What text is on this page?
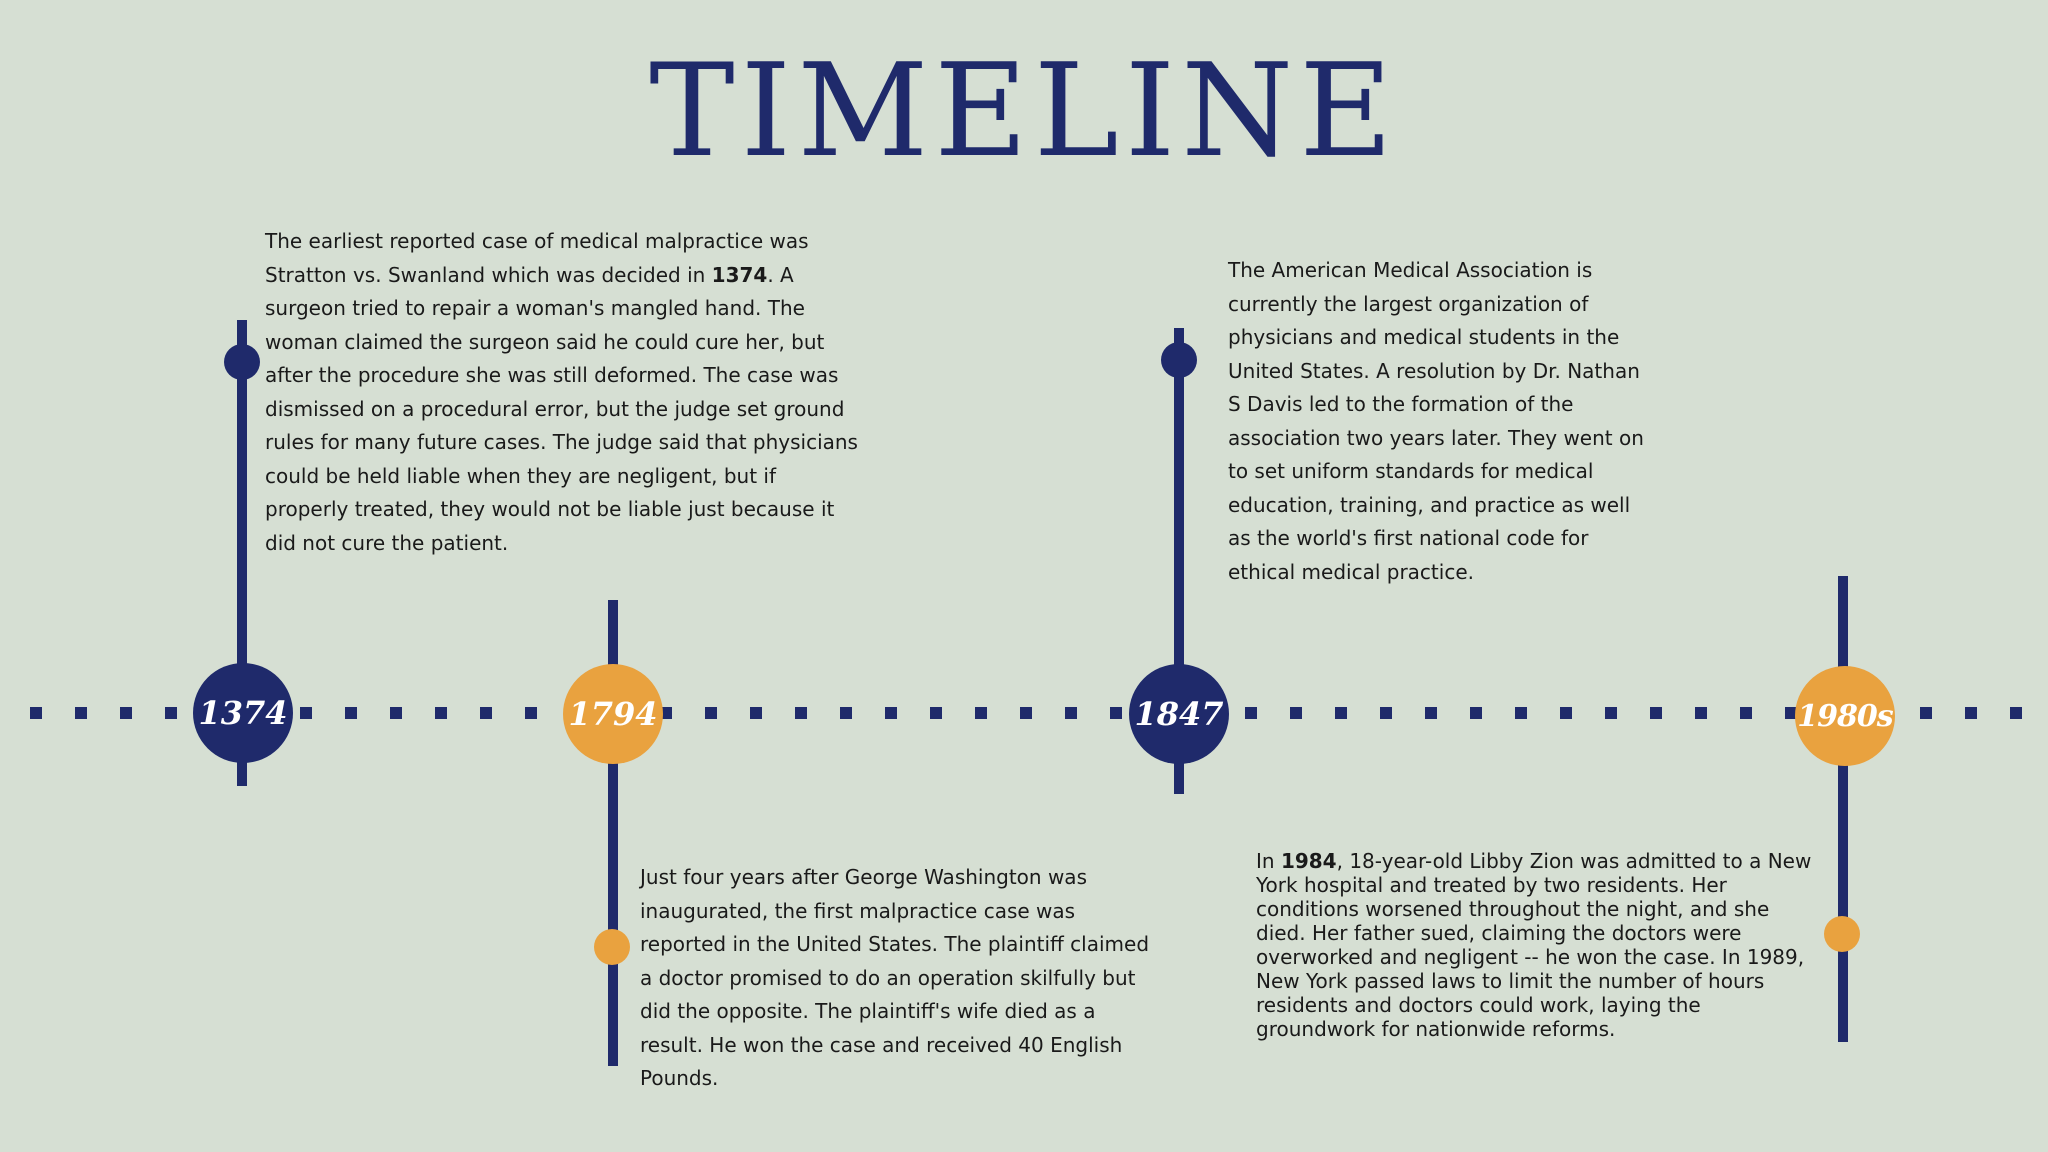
TIMELINE
1374
The earliest reported case of medical malpractice was Stratton vs. Swanland which was decided in 1374. A surgeon tried to repair a woman's mangled hand. The woman claimed the surgeon said he could cure her, but after the procedure she was still deformed. The case was dismissed on a procedural error, but the judge set ground rules for many future cases. The judge said that physicians could be held liable when they are negligent, but if properly treated, they would not be liable just because it did not cure the patient.
1794
Just four years after George Washington was inaugurated, the first malpractice case was reported in the United States. The plaintiff claimed a doctor promised to do an operation skilfully but did the opposite. The plaintiff's wife died as a result. He won the case and received 40 English Pounds.
1847
The American Medical Association is currently the largest organization of physicians and medical students in the United States. A resolution by Dr. Nathan S Davis led to the formation of the association two years later. They went on to set uniform standards for medical education, training, and practice as well as the world's first national code for ethical medical practice.
1980s
In 1984, 18-year-old Libby Zion was admitted to a New York hospital and treated by two residents. Her conditions worsened throughout the night, and she died. Her father sued, claiming the doctors were overworked and negligent -- he won the case. In 1989, New York passed laws to limit the number of hours residents and doctors could work, laying the groundwork for nationwide reforms.
